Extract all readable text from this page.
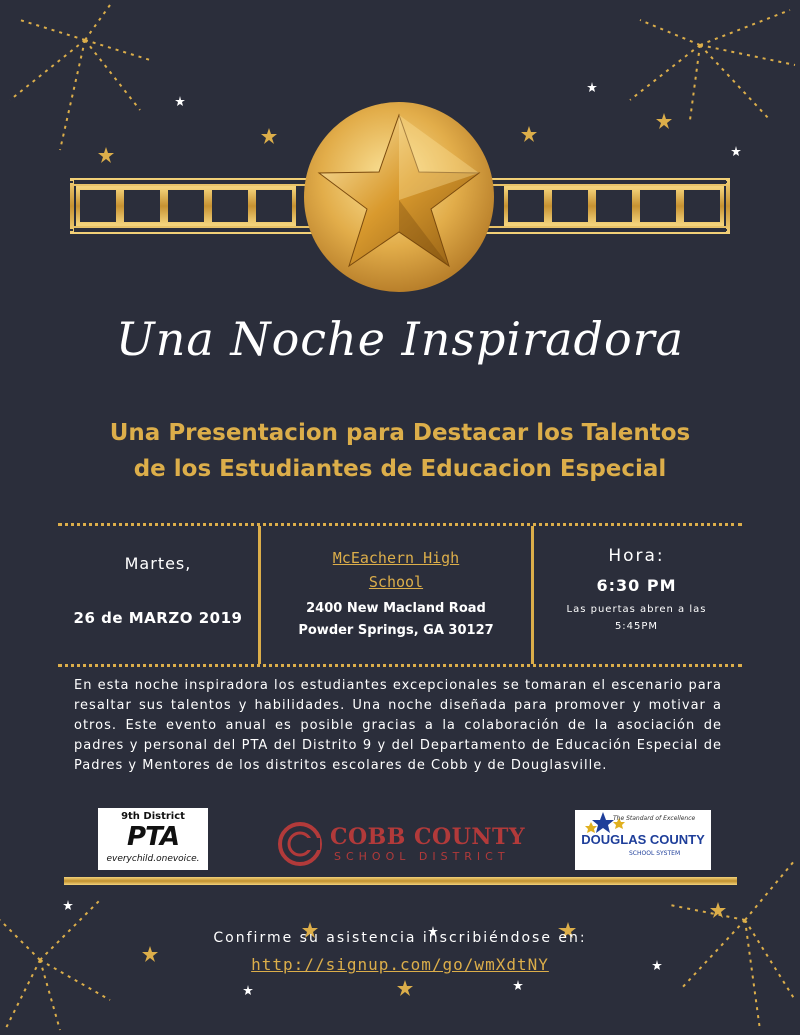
Una Noche Inspiradora
Una Presentacion para Destacar los Talentos
de los Estudiantes de Educacion Especial
Martes,
26 de MARZO 2019
McEachern High
School
2400 New Macland Road
Powder Springs, GA 30127
Hora:
6:30 PM
Las puertas abren a las
5:45PM
En esta noche inspiradora los estudiantes excepcionales se tomaran el escenario para resaltar sus talentos y habilidades. Una noche diseñada para promover y motivar a otros. Este evento anual es posible gracias a la colaboración de la asociación de padres y personal del PTA del Distrito 9 y del Departamento de Educación Especial de Padres y Mentores de los distritos escolares de Cobb y de Douglasville.
9th District
PTA
everychild.onevoice.
COBB COUNTY
SCHOOL DISTRICT
The Standard of Excellence
DOUGLAS COUNTY
SCHOOL SYSTEM
Confirme su asistencia inscribiéndose en:
http://signup.com/go/wmXdtNY
